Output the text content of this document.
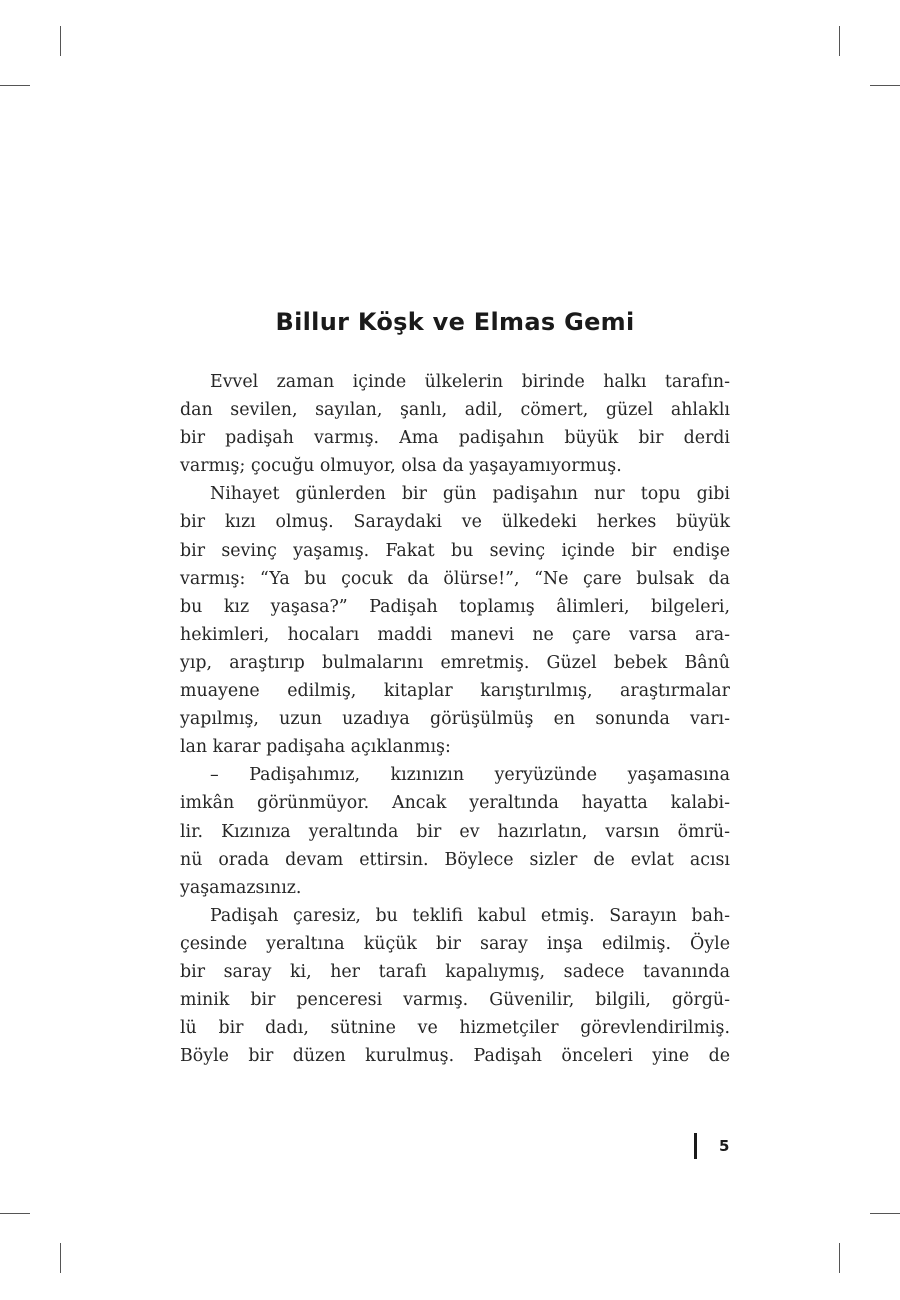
Billur Köşk ve Elmas Gemi
Evvel zaman içinde ülkelerin birinde halkı tarafın-
dan sevilen, sayılan, şanlı, adil, cömert, güzel ahlaklı
bir padişah varmış. Ama padişahın büyük bir derdi
varmış; çocuğu olmuyor, olsa da yaşayamıyormuş.
Nihayet günlerden bir gün padişahın nur topu gibi
bir kızı olmuş. Saraydaki ve ülkedeki herkes büyük
bir sevinç yaşamış. Fakat bu sevinç içinde bir endişe
varmış: “Ya bu çocuk da ölürse!”, “Ne çare bulsak da
bu kız yaşasa?” Padişah toplamış âlimleri, bilgeleri,
hekimleri, hocaları maddi manevi ne çare varsa ara-
yıp, araştırıp bulmalarını emretmiş. Güzel bebek Bânû
muayene edilmiş, kitaplar karıştırılmış, araştırmalar
yapılmış, uzun uzadıya görüşülmüş en sonunda varı-
lan karar padişaha açıklanmış:
– Padişahımız, kızınızın yeryüzünde yaşamasına
imkân görünmüyor. Ancak yeraltında hayatta kalabi-
lir. Kızınıza yeraltında bir ev hazırlatın, varsın ömrü-
nü orada devam ettirsin. Böylece sizler de evlat acısı
yaşamazsınız.
Padişah çaresiz, bu teklifi kabul etmiş. Sarayın bah-
çesinde yeraltına küçük bir saray inşa edilmiş. Öyle
bir saray ki, her tarafı kapalıymış, sadece tavanında
minik bir penceresi varmış. Güvenilir, bilgili, görgü-
lü bir dadı, sütnine ve hizmetçiler görevlendirilmiş.
Böyle bir düzen kurulmuş. Padişah önceleri yine de
5
